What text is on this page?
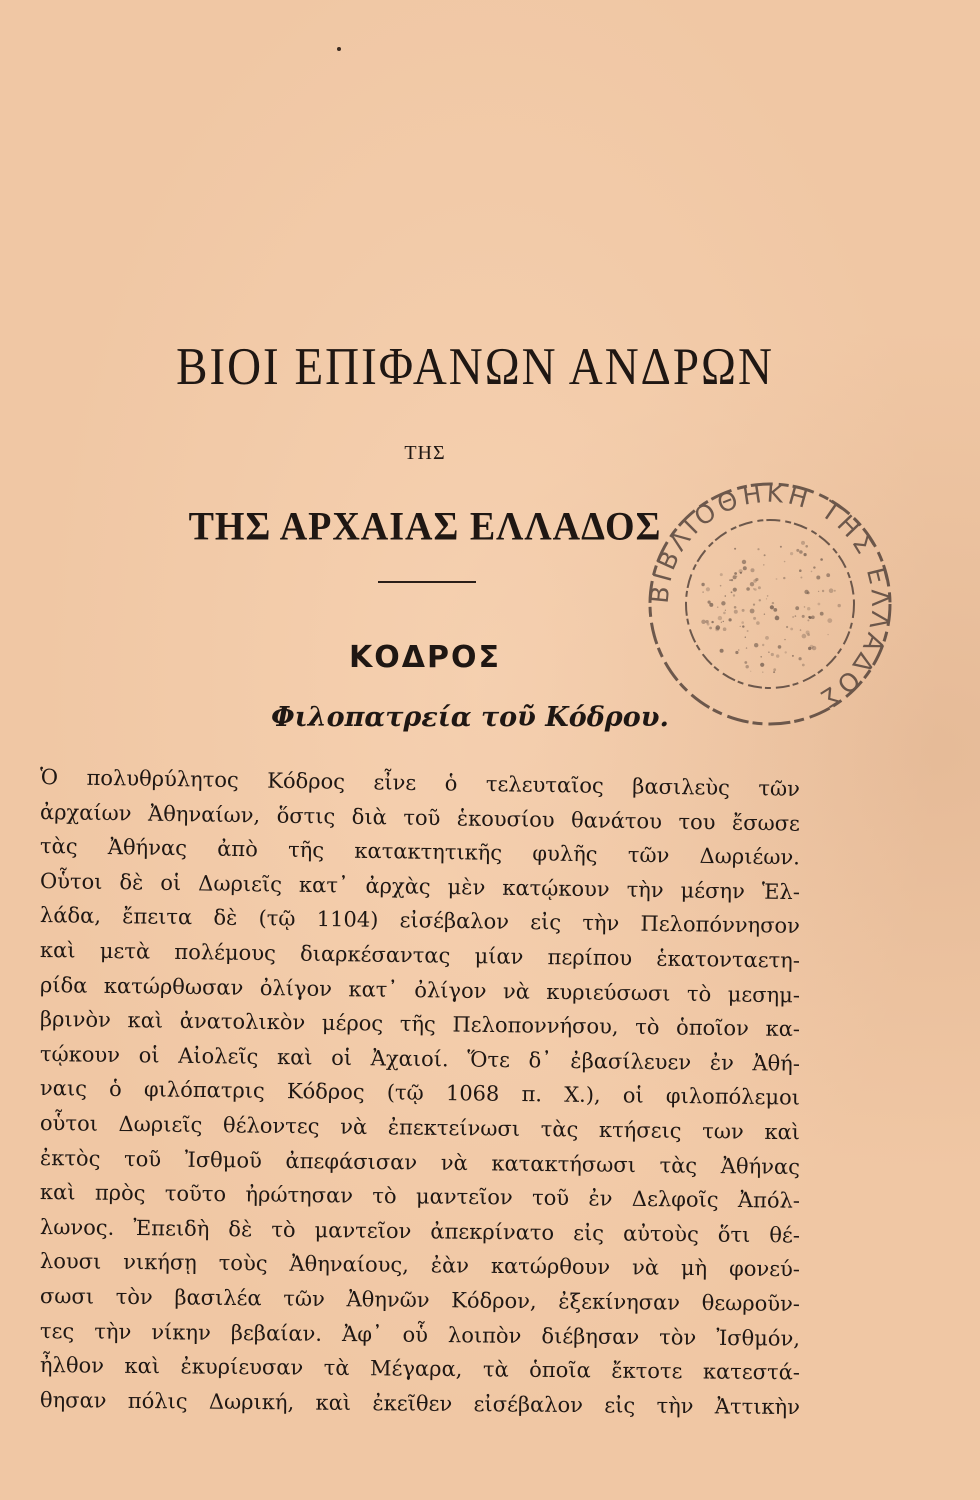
ΒΙΟΙ ΕΠΙΦΑΝΩΝ ΑΝΔΡΩΝ
ΤΗΣ
ΤΗΣ ΑΡΧΑΙΑΣ ΕΛΛΑΔΟΣ
ΚΟΔΡΟΣ
Φιλοπατρεία τοῦ Κόδρου.
Ὁ πολυθρύλητος Κόδρος εἶνε ὁ τελευταῖος βασιλεὺς τῶν
ἀρχαίων Ἀθηναίων, ὅστις διὰ τοῦ ἑκουσίου θανάτου του ἔσωσε
τὰς Ἀθήνας ἀπὸ τῆς κατακτητικῆς φυλῆς τῶν Δωριέων.
Οὗτοι δὲ οἱ Δωριεῖς κατ᾽ ἀρχὰς μὲν κατῴκουν τὴν μέσην Ἑλ-
λάδα, ἔπειτα δὲ (τῷ 1104) εἰσέβαλον εἰς τὴν Πελοπόννησον
καὶ μετὰ πολέμους διαρκέσαντας μίαν περίπου ἑκατονταετη-
ρίδα κατώρθωσαν ὀλίγον κατ᾽ ὀλίγον νὰ κυριεύσωσι τὸ μεσημ-
βρινὸν καὶ ἀνατολικὸν μέρος τῆς Πελοποννήσου, τὸ ὁποῖον κα-
τῴκουν οἱ Αἰολεῖς καὶ οἱ Ἀχαιοί. Ὅτε δ᾽ ἐβασίλευεν ἐν Ἀθή-
ναις ὁ φιλόπατρις Κόδρος (τῷ 1068 π. Χ.), οἱ φιλοπόλεμοι
οὗτοι Δωριεῖς θέλοντες νὰ ἐπεκτείνωσι τὰς κτήσεις των καὶ
ἐκτὸς τοῦ Ἰσθμοῦ ἀπεφάσισαν νὰ κατακτήσωσι τὰς Ἀθήνας
καὶ πρὸς τοῦτο ἠρώτησαν τὸ μαντεῖον τοῦ ἐν Δελφοῖς Ἀπόλ-
λωνος. Ἐπειδὴ δὲ τὸ μαντεῖον ἀπεκρίνατο εἰς αὐτοὺς ὅτι θέ-
λουσι νικήσῃ τοὺς Ἀθηναίους, ἐὰν κατώρθουν νὰ μὴ φονεύ-
σωσι τὸν βασιλέα τῶν Ἀθηνῶν Κόδρον, ἐξεκίνησαν θεωροῦν-
τες τὴν νίκην βεβαίαν. Ἀφ᾽ οὗ λοιπὸν διέβησαν τὸν Ἰσθμόν,
ἦλθον καὶ ἐκυρίευσαν τὰ Μέγαρα, τὰ ὁποῖα ἔκτοτε κατεστά-
θησαν πόλις Δωρική, καὶ ἐκεῖθεν εἰσέβαλον εἰς τὴν Ἀττικὴν
ΒΙΒΛΙΟΘΗΚΗ ΤΗΣ ΕΛΛΑΔΟΣ
